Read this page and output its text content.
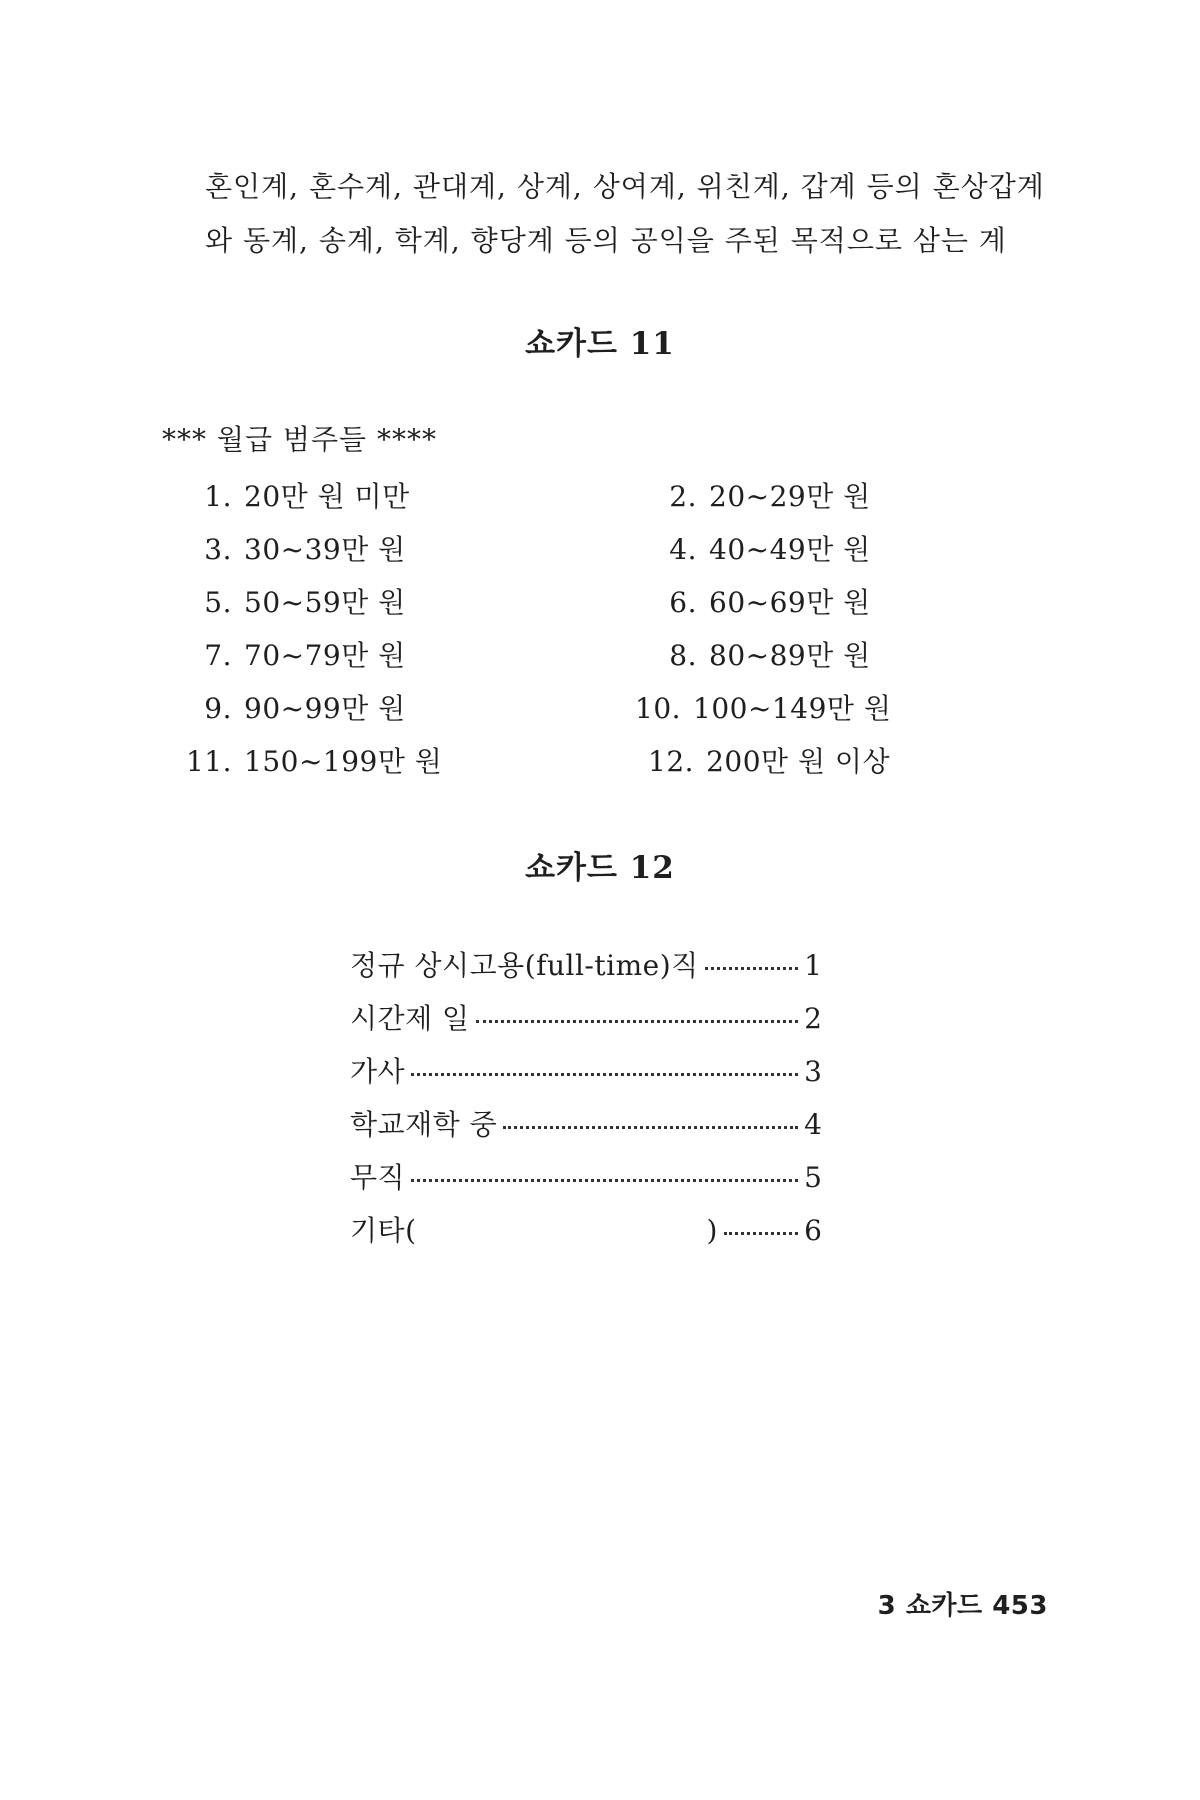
혼인계, 혼수계, 관대계, 상계, 상여계, 위친계, 갑계 등의 혼상갑계
와 동계, 송계, 학계, 향당계 등의 공익을 주된 목적으로 삼는 계
쇼카드 11
*** 월급 범주들 ****
1. 20만 원 미만	2. 20~29만 원
3. 30~39만 원	4. 40~49만 원
5. 50~59만 원	6. 60~69만 원
7. 70~79만 원	8. 80~89만 원
9. 90~99만 원	10. 100~149만 원
11. 150~199만 원	12. 200만 원 이상
쇼카드 12
정규 상시고용(full-time)직	1
시간제 일	2
가사	3
학교재학 중	4
무직	5
기타(	)	6
3 쇼카드 453
